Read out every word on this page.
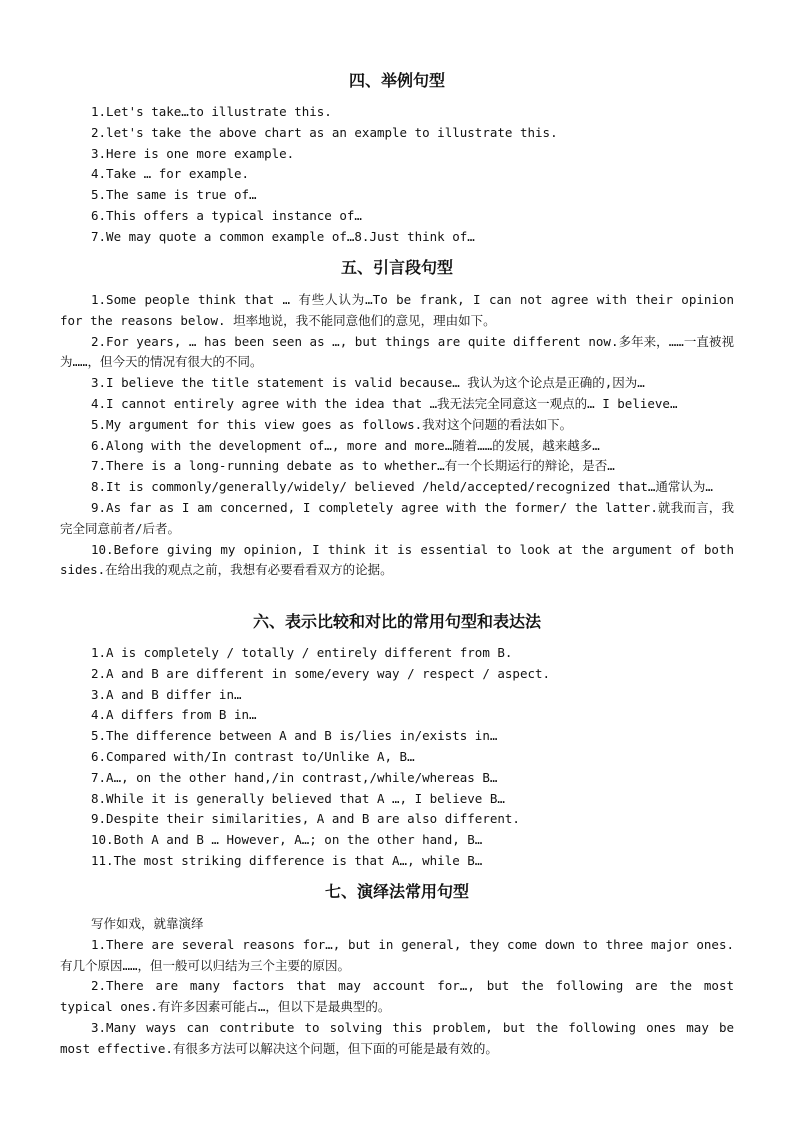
四、举例句型
1.Let's take…to illustrate this.
2.let's take the above chart as an example to illustrate this.
3.Here is one more example.
4.Take … for example.
5.The same is true of…
6.This offers a typical instance of…
7.We may quote a common example of…8.Just think of…
五、引言段句型
1.Some people think that … 有些人认为…To be frank, I can not agree with their opinion for the reasons below. 坦率地说，我不能同意他们的意见，理由如下。
2.For years, … has been seen as …, but things are quite different now.多年来，……一直被视为……，但今天的情况有很大的不同。
3.I believe the title statement is valid because… 我认为这个论点是正确的,因为…
4.I cannot entirely agree with the idea that …我无法完全同意这一观点的… I believe…
5.My argument for this view goes as follows.我对这个问题的看法如下。
6.Along with the development of…, more and more…随着……的发展，越来越多…
7.There is a long-running debate as to whether…有一个长期运行的辩论，是否…
8.It is commonly/generally/widely/ believed /held/accepted/recognized that…通常认为…
9.As far as I am concerned, I completely agree with the former/ the latter.就我而言，我完全同意前者/后者。
10.Before giving my opinion, I think it is essential to look at the argument of both sides.在给出我的观点之前，我想有必要看看双方的论据。
六、表示比较和对比的常用句型和表达法
1.A is completely / totally / entirely different from B.
2.A and B are different in some/every way / respect / aspect.
3.A and B differ in…
4.A differs from B in…
5.The difference between A and B is/lies in/exists in…
6.Compared with/In contrast to/Unlike A, B…
7.A…, on the other hand,/in contrast,/while/whereas B…
8.While it is generally believed that A …, I believe B…
9.Despite their similarities, A and B are also different.
10.Both A and B … However, A…; on the other hand, B…
11.The most striking difference is that A…, while B…
七、演绎法常用句型
写作如戏，就靠演绎
1.There are several reasons for…, but in general, they come down to three major ones.有几个原因……，但一般可以归结为三个主要的原因。
2.There are many factors that may account for…, but the following are the most typical ones.有许多因素可能占…，但以下是最典型的。
3.Many ways can contribute to solving this problem, but the following ones may be most effective.有很多方法可以解决这个问题，但下面的可能是最有效的。
